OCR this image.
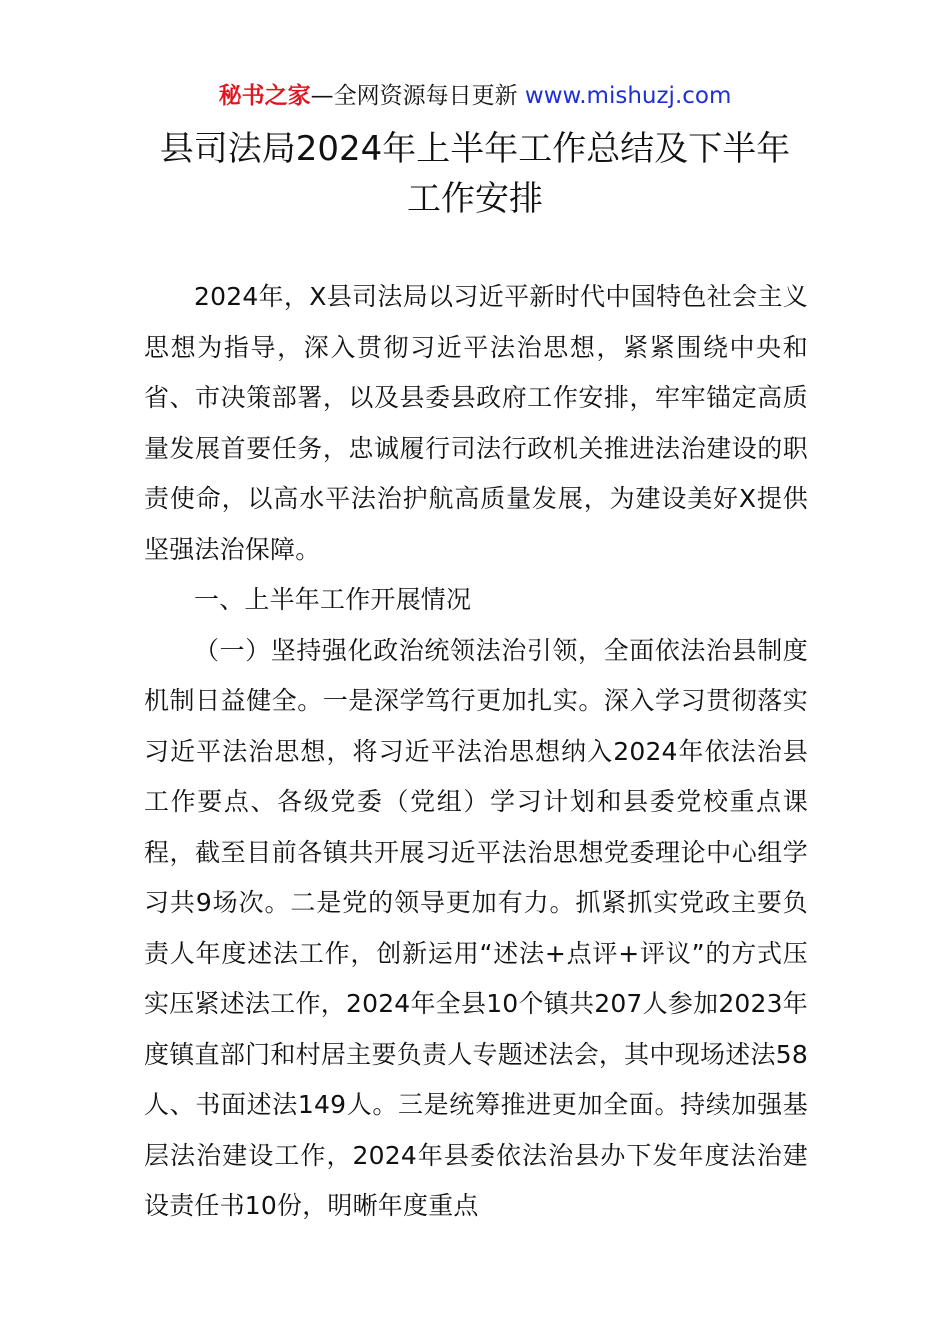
秘书之家—全网资源每日更新 www.mishuzj.com
县司法局2024年上半年工作总结及下半年
工作安排

2024年，X县司法局以习近平新时代中国特色社会主义思想为指导，深入贯彻习近平法治思想，紧紧围绕中央和省、市决策部署，以及县委县政府工作安排，牢牢锚定高质量发展首要任务，忠诚履行司法行政机关推进法治建设的职责使命，以高水平法治护航高质量发展，为建设美好X提供坚强法治保障。

一、上半年工作开展情况

（一）坚持强化政治统领法治引领，全面依法治县制度机制日益健全。一是深学笃行更加扎实。深入学习贯彻落实习近平法治思想，将习近平法治思想纳入2024年依法治县工作要点、各级党委（党组）学习计划和县委党校重点课程，截至目前各镇共开展习近平法治思想党委理论中心组学习共9场次。二是党的领导更加有力。抓紧抓实党政主要负责人年度述法工作，创新运用“述法+点评+评议”的方式压实压紧述法工作，2024年全县10个镇共207人参加2023年度镇直部门和村居主要负责人专题述法会，其中现场述法58人、书面述法149人。三是统筹推进更加全面。持续加强基层法治建设工作，2024年县委依法治县办下发年度法治建设责任书10份，明晰年度重点
